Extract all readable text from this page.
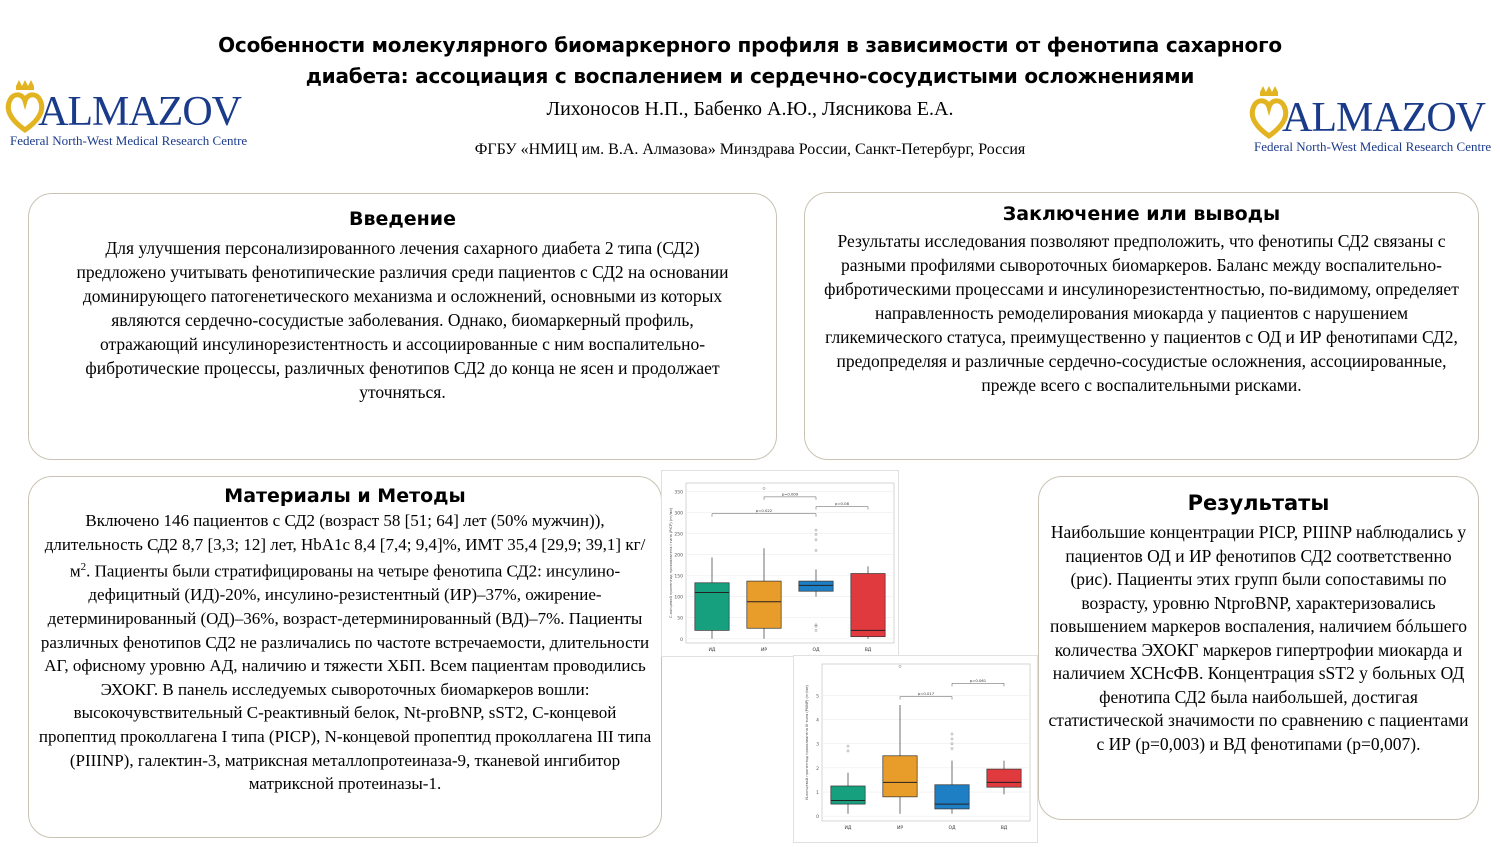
Особенности молекулярного биомаркерного профиля в зависимости от фенотипа сахарного
диабета: ассоциация с воспалением и сердечно-сосудистыми осложнениями
Лихоносов Н.П., Бабенко А.Ю., Лясникова Е.А.
ФГБУ «НМИЦ им. В.А. Алмазова» Минздрава России, Санкт-Петербург, Россия
ALMAZOV
Federal North-West Medical Research Centre	ALMAZOV
Federal North-West Medical Research Centre
Введение

Для улучшения персонализированного лечения сахарного диабета 2 типа (СД2) предложено учитывать фенотипические различия среди пациентов с СД2 на основании доминирующего патогенетического механизма и осложнений, основными из которых являются сердечно-сосудистые заболевания. Однако, биомаркерный профиль, отражающий инсулинорезистентность и ассоциированные с ним воспалительно-фибротические процессы, различных фенотипов СД2 до конца не ясен и продолжает уточняться.

Заключение или выводы

Результаты исследования позволяют предположить, что фенотипы СД2 связаны с разными профилями сывороточных биомаркеров. Баланс между воспалительно-фибротическими процессами и инсулинорезистентностью, по-видимому, определяет направленность ремоделирования миокарда у пациентов с нарушением гликемического статуса, преимущественно у пациентов с ОД и ИР фенотипами СД2, предопределяя и различные сердечно-сосудистые осложнения, ассоциированные, прежде всего с воспалительными рисками.

Материалы и Методы

Включено 146 пациентов с СД2 (возраст 58 [51; 64] лет (50% мужчин)), длительность СД2 8,7 [3,3; 12] лет, HbA1c 8,4 [7,4; 9,4]%, ИМТ 35,4 [29,9; 39,1] $кг/м^2$. Пациенты были стратифицированы на четыре фенотипа СД2: инсулино-дефицитный (ИД)-20%, инсулино-резистентный (ИР)–37%, ожирение-детерминированный (ОД)–36%, возраст-детерминированный (ВД)–7%. Пациенты различных фенотипов СД2 не различались по частоте встречаемости, длительности АГ, офисному уровню АД, наличию и тяжести ХБП. Всем пациентам проводились ЭХОКГ. В панель исследуемых сывороточных биомаркеров вошли: высокочувствительный С-реактивный белок, Nt-proBNP, sST2, С-концевой пропептид проколлагена I типа (PICP), N-концевой пропептид проколлагена III типа (PIIINP), галектин-3, матриксная металлопротеиназа-9, тканевой ингибитор матриксной протеиназы-1.

Результаты

Наибольшие концентрации PICP, PIIINP наблюдались у пациентов ОД и ИР фенотипов СД2 соответственно (рис). Пациенты этих групп были сопоставимы по возрасту, уровню NtproBNP, характеризовались повышением маркеров воспаления, наличием бóльшего количества ЭХОКГ маркеров гипертрофии миокарда и наличием ХСНсФВ. Концентрация sST2 у больных ОД фенотипа СД2 была наибольшей, достигая статистической значимости по сравнению с пациентами с ИР (p=0,003) и ВД фенотипами (p=0,007).

0
50
100
150
200
250
300
350
С-концевой пропептид проколлагена I типа (PICP) (нг/мл)
ИД	ИР	ОД	ВД
p=0.022
p=0.009
p=0.08
0
1
2
3
4
5
N-концевой пропептид проколлагена III типа (PIIINP) (нг/мл)
ИД	ИР	ОД	ВД
p=0.017
p=0.061
